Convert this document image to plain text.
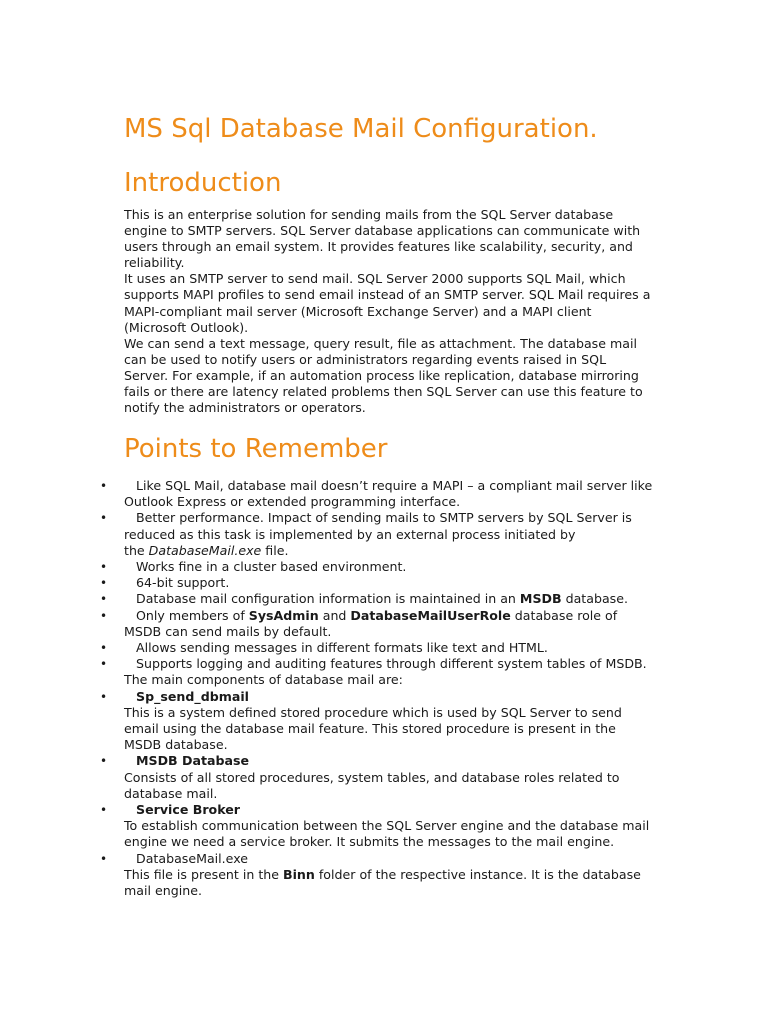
MS Sql Database Mail Configuration.
Introduction

This is an enterprise solution for sending mails from the SQL Server database
engine to SMTP servers. SQL Server database applications can communicate with
users through an email system. It provides features like scalability, security, and
reliability.

It uses an SMTP server to send mail. SQL Server 2000 supports SQL Mail, which
supports MAPI profiles to send email instead of an SMTP server. SQL Mail requires a
MAPI-compliant mail server (Microsoft Exchange Server) and a MAPI client
(Microsoft Outlook).

We can send a text message, query result, file as attachment. The database mail
can be used to notify users or administrators regarding events raised in SQL
Server. For example, if an automation process like replication, database mirroring
fails or there are latency related problems then SQL Server can use this feature to
notify the administrators or operators.

Points to Remember
• Like SQL Mail, database mail doesn’t require a MAPI – a compliant mail server like
Outlook Express or extended programming interface.
• Better performance. Impact of sending mails to SMTP servers by SQL Server is
reduced as this task is implemented by an external process initiated by
the DatabaseMail.exe file.
• Works fine in a cluster based environment.
• 64-bit support.
• Database mail configuration information is maintained in an MSDB database.
• Only members of SysAdmin and DatabaseMailUserRole database role of
MSDB can send mails by default.
• Allows sending messages in different formats like text and HTML.
• Supports logging and auditing features through different system tables of MSDB.
The main components of database mail are:
• Sp_send_dbmail
This is a system defined stored procedure which is used by SQL Server to send
email using the database mail feature. This stored procedure is present in the
MSDB database.
• MSDB Database
Consists of all stored procedures, system tables, and database roles related to
database mail.
• Service Broker
To establish communication between the SQL Server engine and the database mail
engine we need a service broker. It submits the messages to the mail engine.
• DatabaseMail.exe
This file is present in the Binn folder of the respective instance. It is the database
mail engine.
